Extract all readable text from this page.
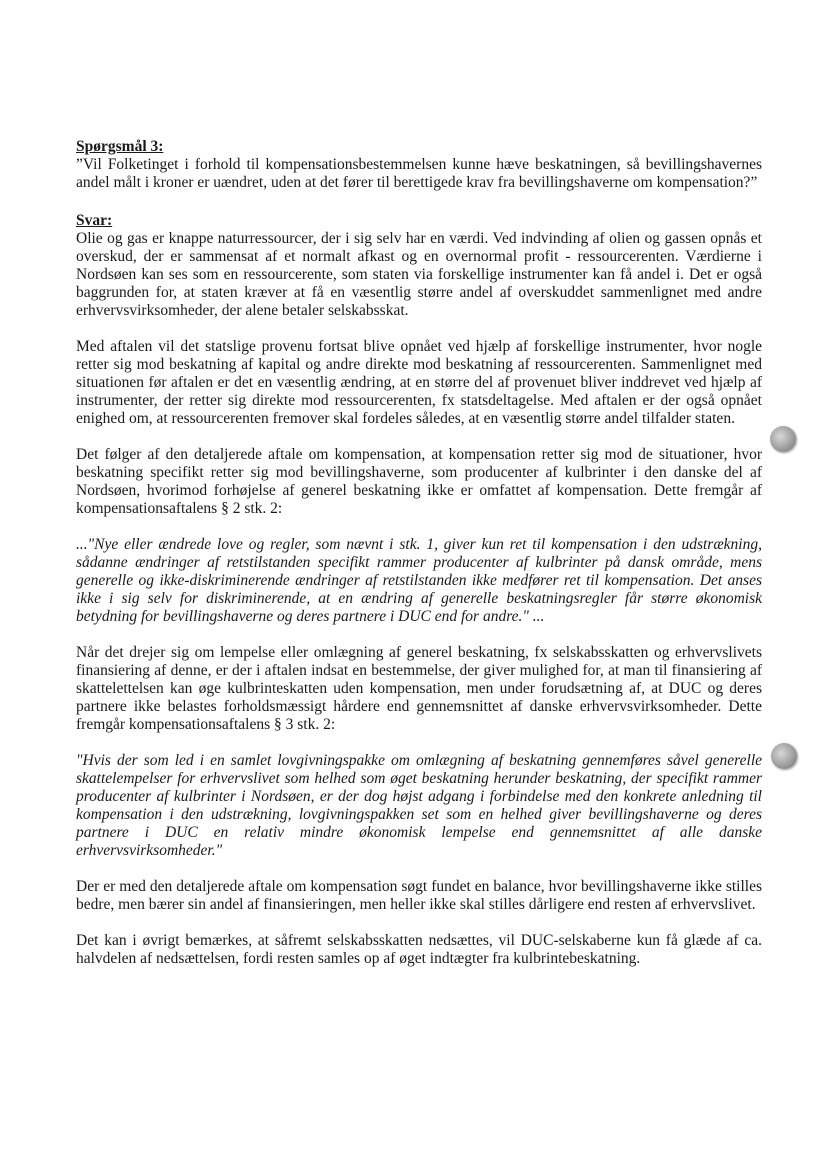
Spørgsmål 3:

”Vil Folketinget i forhold til kompensationsbestemmelsen kunne hæve beskatningen, så bevillingshavernes andel målt i kroner er uændret, uden at det fører til berettigede krav fra bevillingshaverne om kompensation?”

Svar:

Olie og gas er knappe naturressourcer, der i sig selv har en værdi. Ved indvinding af olien og gassen opnås et overskud, der er sammensat af et normalt afkast og en overnormal profit - ressourcerenten. Værdierne i Nordsøen kan ses som en ressourcerente, som staten via forskellige instrumenter kan få andel i. Det er også baggrunden for, at staten kræver at få en væsentlig større andel af overskuddet sammenlignet med andre erhvervsvirksomheder, der alene betaler selskabsskat.

Med aftalen vil det statslige provenu fortsat blive opnået ved hjælp af forskellige instrumenter, hvor nogle retter sig mod beskatning af kapital og andre direkte mod beskatning af ressourcerenten. Sammenlignet med situationen før aftalen er det en væsentlig ændring, at en større del af provenuet bliver inddrevet ved hjælp af instrumenter, der retter sig direkte mod ressourcerenten, fx statsdeltagelse. Med aftalen er der også opnået enighed om, at ressourcerenten fremover skal fordeles således, at en væsentlig større andel tilfalder staten.

Det følger af den detaljerede aftale om kompensation, at kompensation retter sig mod de situationer, hvor beskatning specifikt retter sig mod bevillingshaverne, som producenter af kulbrinter i den danske del af Nordsøen, hvorimod forhøjelse af generel beskatning ikke er omfattet af kompensation. Dette fremgår af kompensationsaftalens § 2 stk. 2:

..."Nye eller ændrede love og regler, som nævnt i stk. 1, giver kun ret til kompensation i den udstrækning, sådanne ændringer af retstilstanden specifikt rammer producenter af kulbrinter på dansk område, mens generelle og ikke-diskriminerende ændringer af retstilstanden ikke medfører ret til kompensation. Det anses ikke i sig selv for diskriminerende, at en ændring af generelle beskatningsregler får større økonomisk betydning for bevillingshaverne og deres partnere i DUC end for andre." ...

Når det drejer sig om lempelse eller omlægning af generel beskatning, fx selskabsskatten og erhvervslivets finansiering af denne, er der i aftalen indsat en bestemmelse, der giver mulighed for, at man til finansiering af skattelettelsen kan øge kulbrinteskatten uden kompensation, men under forudsætning af, at DUC og deres partnere ikke belastes forholdsmæssigt hårdere end gennemsnittet af danske erhvervsvirksomheder. Dette fremgår kompensationsaftalens § 3 stk. 2:

"Hvis der som led i en samlet lovgivningspakke om omlægning af beskatning gennemføres såvel generelle skattelempelser for erhvervslivet som helhed som øget beskatning herunder beskatning, der specifikt rammer producenter af kulbrinter i Nordsøen, er der dog højst adgang i forbindelse med den konkrete anledning til kompensation i den udstrækning, lovgivningspakken set som en helhed giver bevillingshaverne og deres partnere i DUC en relativ mindre økonomisk lempelse end gennemsnittet af alle danske erhvervsvirksomheder."

Der er med den detaljerede aftale om kompensation søgt fundet en balance, hvor bevillingshaverne ikke stilles bedre, men bærer sin andel af finansieringen, men heller ikke skal stilles dårligere end resten af erhvervslivet.

Det kan i øvrigt bemærkes, at såfremt selskabsskatten nedsættes, vil DUC-selskaberne kun få glæde af ca. halvdelen af nedsættelsen, fordi resten samles op af øget indtægter fra kulbrintebeskatning.
